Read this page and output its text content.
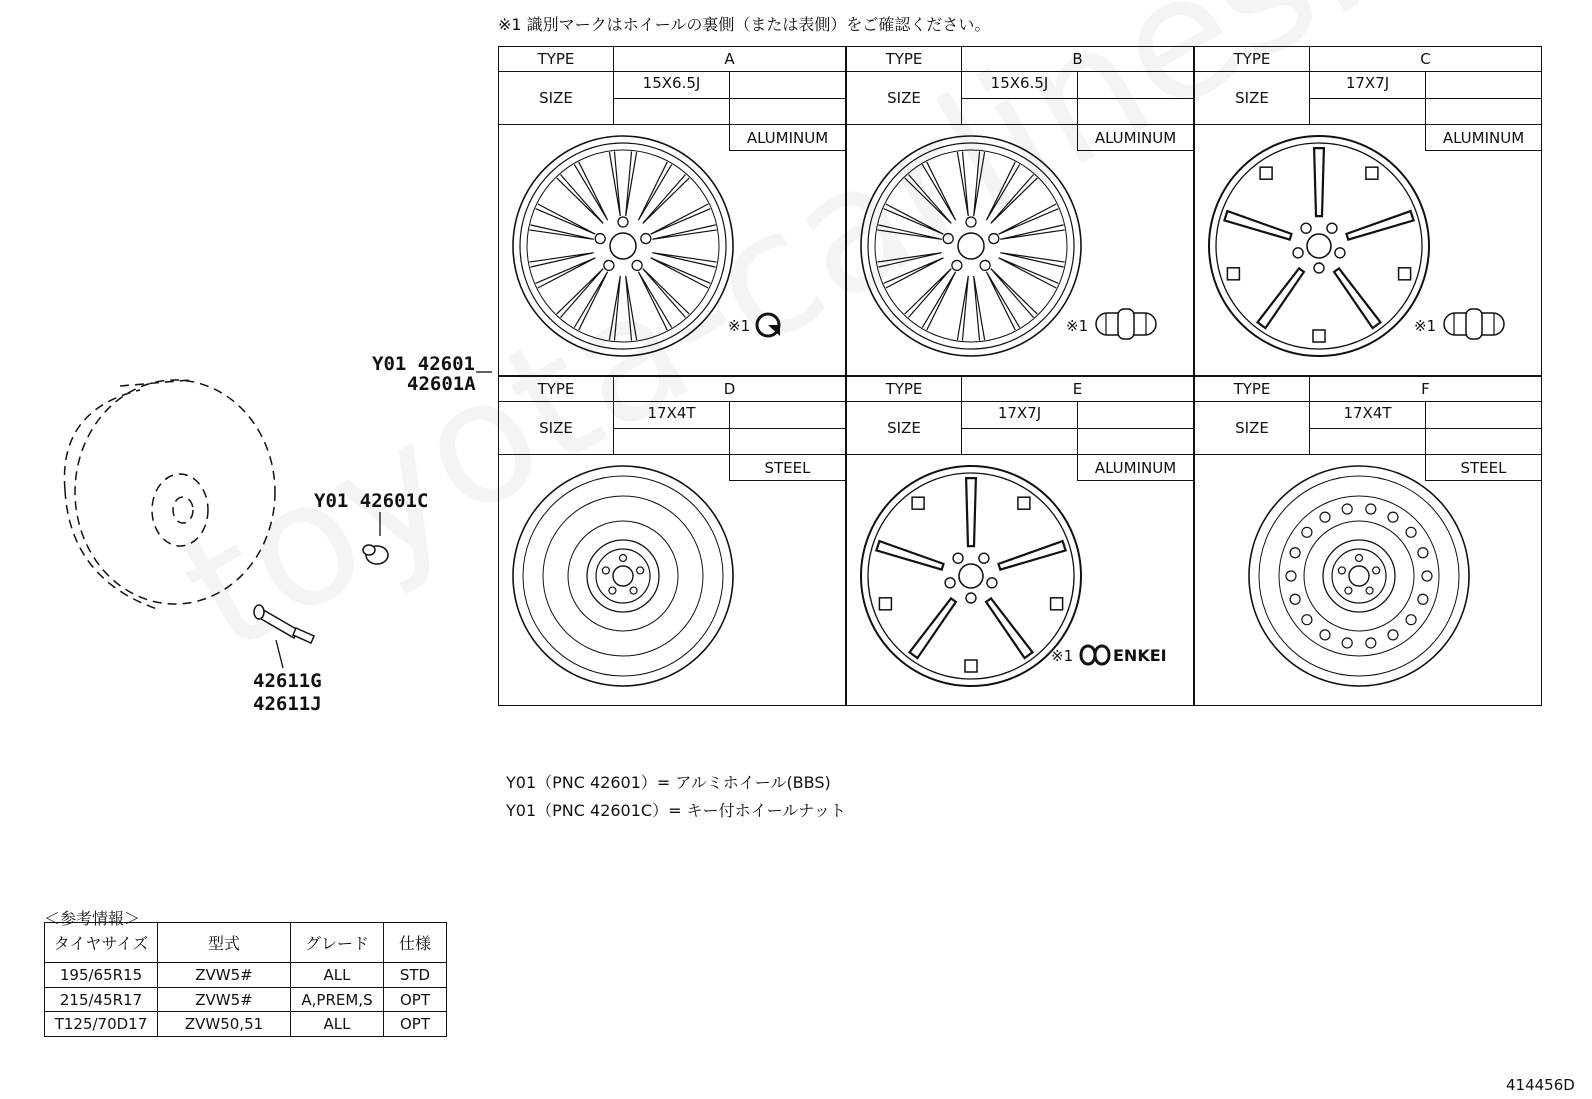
※1 識別マークはホイールの裏側（または表側）をご確認ください。
TYPE	A
SIZE
15X6.5J
ALUMINUM
TYPE	B
SIZE
15X6.5J
ALUMINUM
TYPE	C
SIZE
17X7J
ALUMINUM
TYPE	D
SIZE
17X4T
STEEL
TYPE	E
SIZE
17X7J
ALUMINUM
TYPE	F
SIZE
17X4T
STEEL
※1	※1	※1
※1 ENKEI
Y01 42601
42601A
Y01 42601C
42611G
42611J
Y01（PNC 42601）= アルミホイール(BBS)
Y01（PNC 42601C）= キー付ホイールナット
＜参考情報＞
タイヤサイズ	型式	グレード	仕様
195/65R15	ZVW5#	ALL	STD
215/45R17	ZVW5#	A,PREM,S	OPT
T125/70D17	ZVW50,51	ALL	OPT
414456D
